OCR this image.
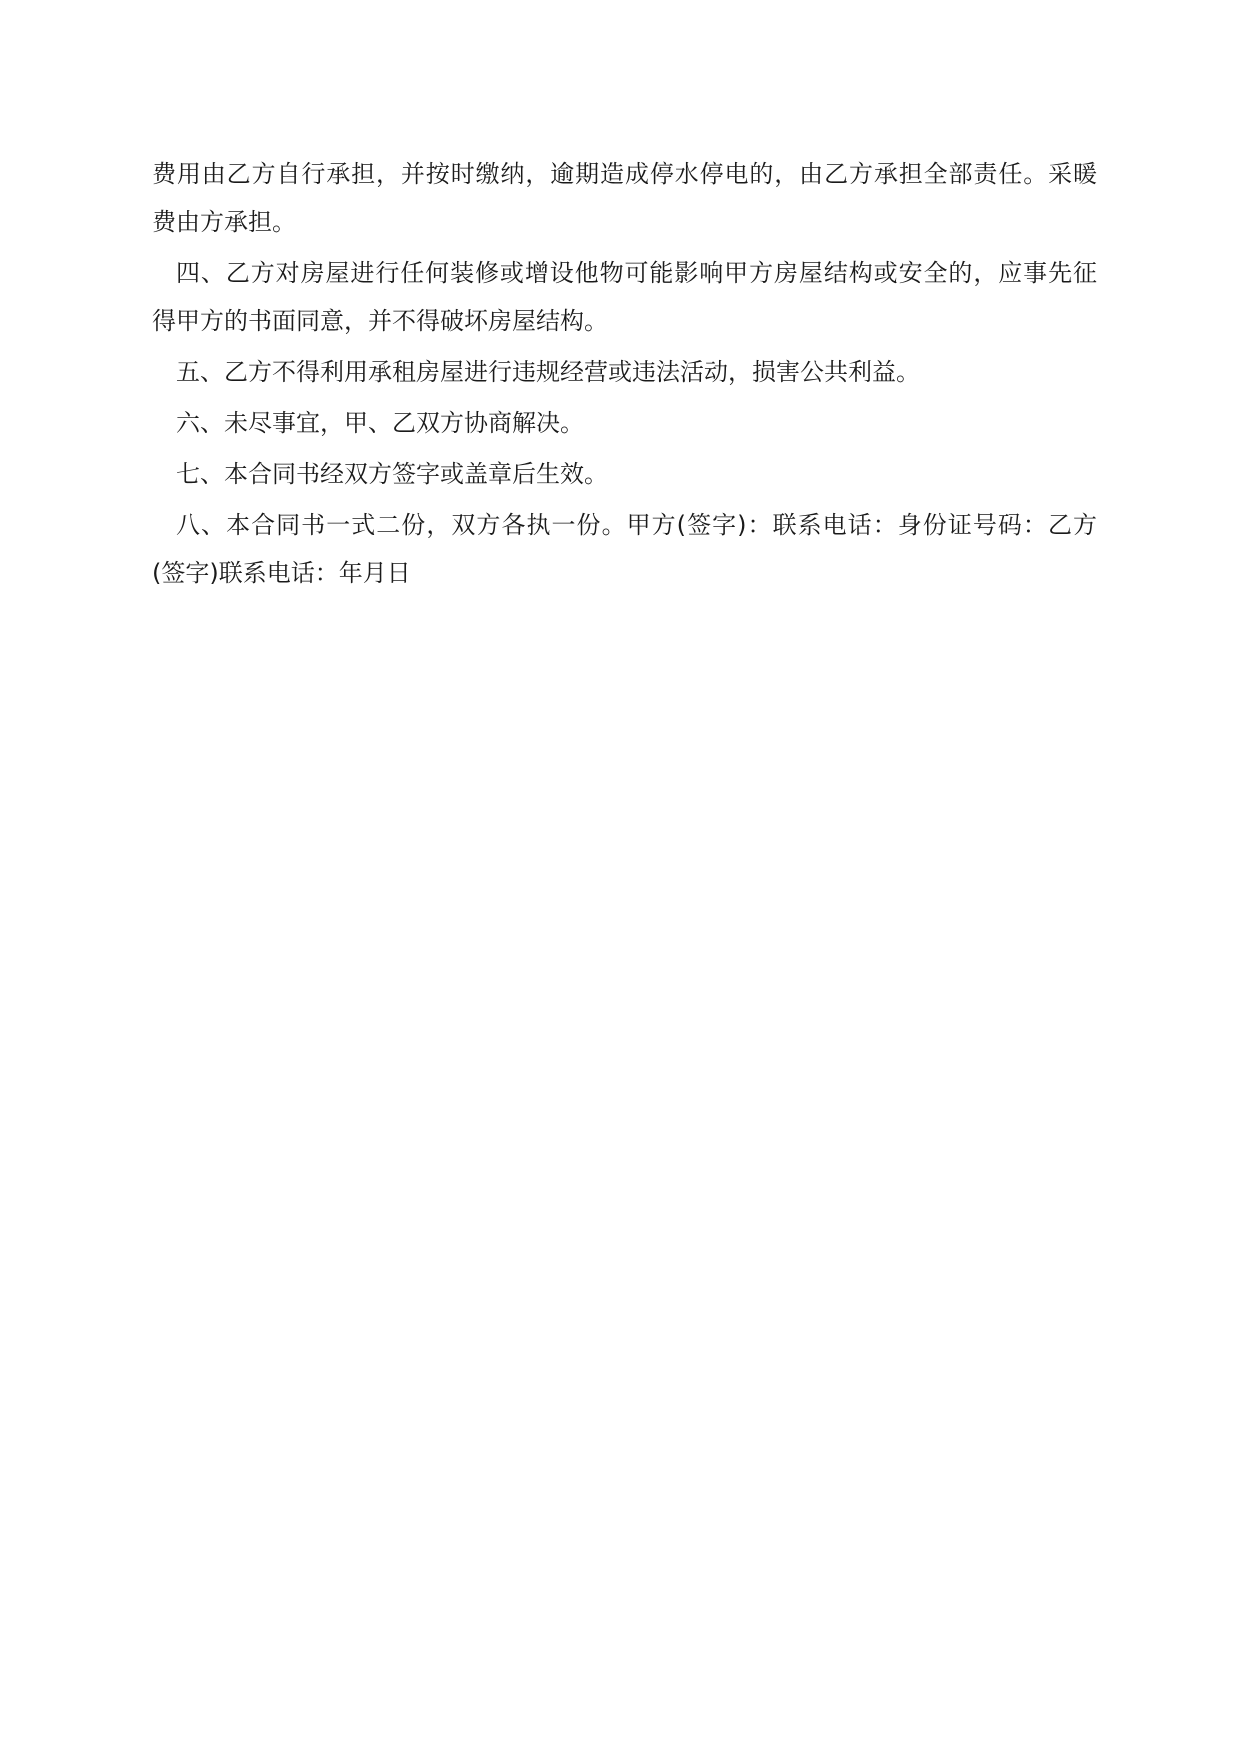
费用由乙方自行承担，并按时缴纳，逾期造成停水停电的，由乙方承担全部责任。采暖
费由方承担。
四、乙方对房屋进行任何装修或增设他物可能影响甲方房屋结构或安全的，应事先征
得甲方的书面同意，并不得破坏房屋结构。
五、乙方不得利用承租房屋进行违规经营或违法活动，损害公共利益。
六、未尽事宜，甲、乙双方协商解决。
七、本合同书经双方签字或盖章后生效。
八、本合同书一式二份，双方各执一份。甲方(签字)：联系电话：身份证号码：乙方
(签字)联系电话：年月日
